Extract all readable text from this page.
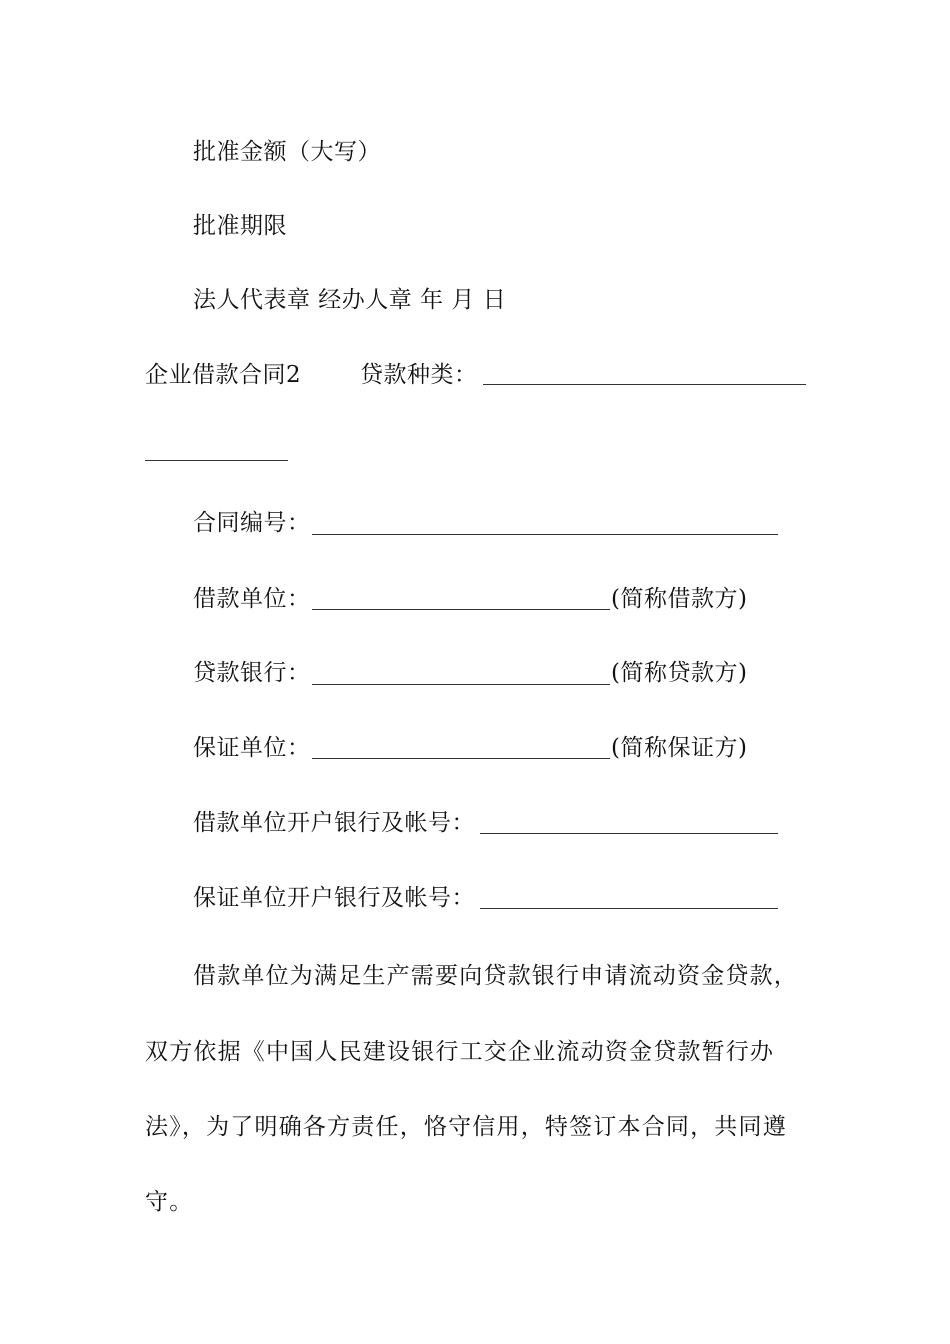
批准金额（大写）
批准期限
法人代表章 经办人章 年 月 日
企业借款合同2	贷款种类：
合同编号：
借款单位：	(简称借款方)
贷款银行：	(简称贷款方)
保证单位：	(简称保证方)
借款单位开户银行及帐号：
保证单位开户银行及帐号：
借款单位为满足生产需要向贷款银行申请流动资金贷款，
双方依据《中国人民建设银行工交企业流动资金贷款暂行办
法》，为了明确各方责任，恪守信用，特签订本合同，共同遵
守。
